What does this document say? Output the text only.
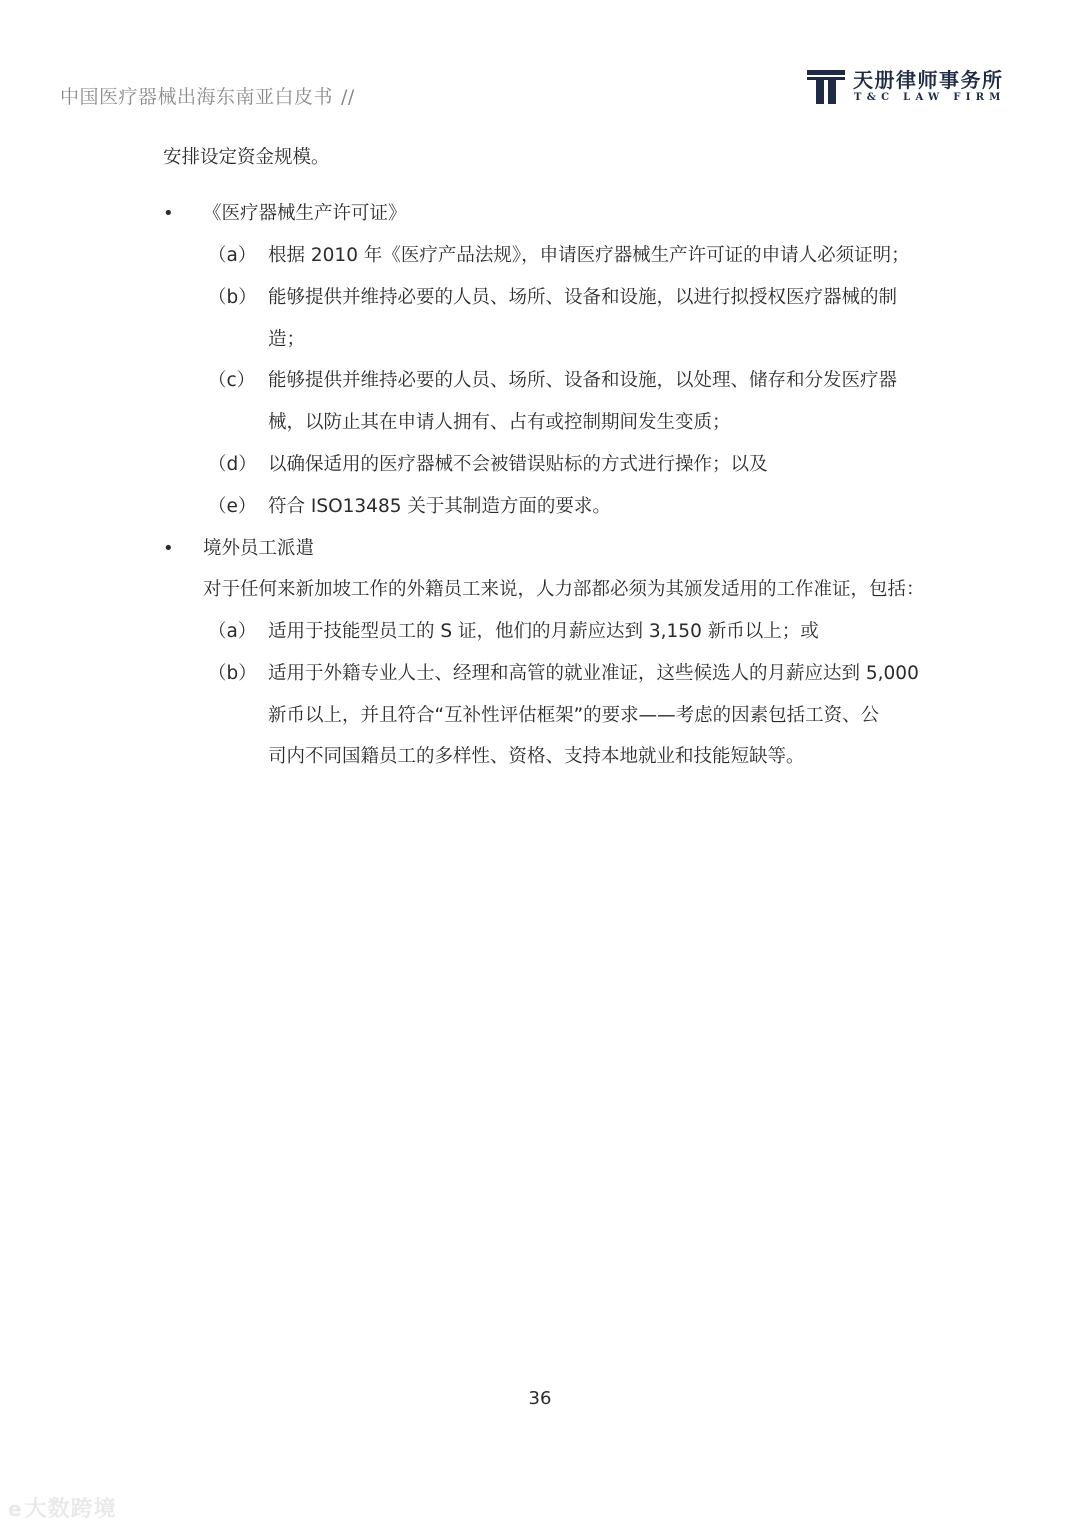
中国医疗器械出海东南亚白皮书 //
天册律师事务所
T&C LAW FIRM
安排设定资金规模。
• 《医疗器械生产许可证》
（a） 根据 2010 年《医疗产品法规》，申请医疗器械生产许可证的申请人必须证明；
（b） 能够提供并维持必要的人员、场所、设备和设施，以进行拟授权医疗器械的制
造；
（c） 能够提供并维持必要的人员、场所、设备和设施，以处理、储存和分发医疗器
械，以防止其在申请人拥有、占有或控制期间发生变质；
（d） 以确保适用的医疗器械不会被错误贴标的方式进行操作；以及
（e） 符合 ISO13485 关于其制造方面的要求。
• 境外员工派遣
对于任何来新加坡工作的外籍员工来说，人力部都必须为其颁发适用的工作准证，包括：
（a） 适用于技能型员工的 S 证，他们的月薪应达到 3,150 新币以上；或
（b） 适用于外籍专业人士、经理和高管的就业准证，这些候选人的月薪应达到 5,000
新币以上，并且符合“互补性评估框架”的要求——考虑的因素包括工资、公
司内不同国籍员工的多样性、资格、支持本地就业和技能短缺等。
36
e大数跨境
